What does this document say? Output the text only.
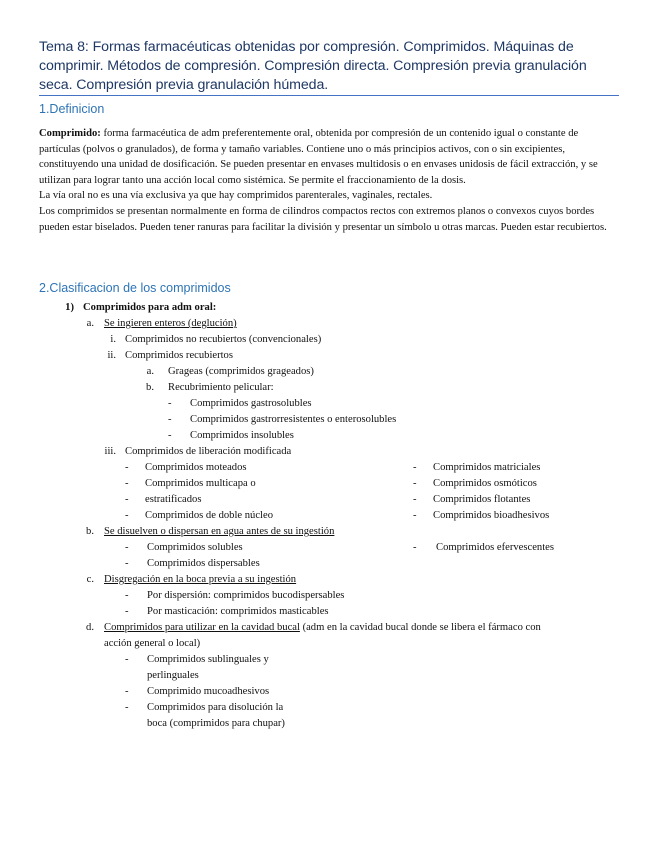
Tema 8: Formas farmacéuticas obtenidas por compresión. Comprimidos. Máquinas de comprimir. Métodos de compresión. Compresión directa. Compresión previa granulación seca. Compresión previa granulación húmeda.
1.Definicion

Comprimido: forma farmacéutica de adm preferentemente oral, obtenida por compresión de un contenido igual o constante de partículas (polvos o granulados), de forma y tamaño variables. Contiene uno o más principios activos, con o sin excipientes, constituyendo una unidad de dosificación. Se pueden presentar en envases multidosis o en envases unidosis de fácil extracción, y se utilizan para lograr tanto una acción local como sistémica. Se permite el fraccionamiento de la dosis.

La vía oral no es una vía exclusiva ya que hay comprimidos parenterales, vaginales, rectales.

Los comprimidos se presentan normalmente en forma de cilindros compactos rectos con extremos planos o convexos cuyos bordes pueden estar biselados. Pueden tener ranuras para facilitar la división y presentar un símbolo u otras marcas. Pueden estar recubiertos.

2.Clasificacion de los comprimidos
1) Comprimidos para adm oral:
a. Se ingieren enteros (deglución)
i. Comprimidos no recubiertos (convencionales)
ii. Comprimidos recubiertos
a. Grageas (comprimidos grageados)
b. Recubrimiento pelicular:
- Comprimidos gastrosolubles
- Comprimidos gastrorresistentes o enterosolubles
- Comprimidos insolubles
iii. Comprimidos de liberación modificada
- Comprimidos moteados
- Comprimidos multicapa o
- estratificados
- Comprimidos de doble núcleo
- Comprimidos matriciales
- Comprimidos osmóticos
- Comprimidos flotantes
- Comprimidos bioadhesivos
b. Se disuelven o dispersan en agua antes de su ingestión
- Comprimidos solubles
- Comprimidos dispersables
- Comprimidos efervescentes
c. Disgregación en la boca previa a su ingestión
- Por dispersión: comprimidos bucodispersables
- Por masticación: comprimidos masticables
d. Comprimidos para utilizar en la cavidad bucal (adm en la cavidad bucal donde se libera el fármaco con
acción general o local)
- Comprimidos sublinguales y
perlinguales
- Comprimido mucoadhesivos
- Comprimidos para disolución la
boca (comprimidos para chupar)
